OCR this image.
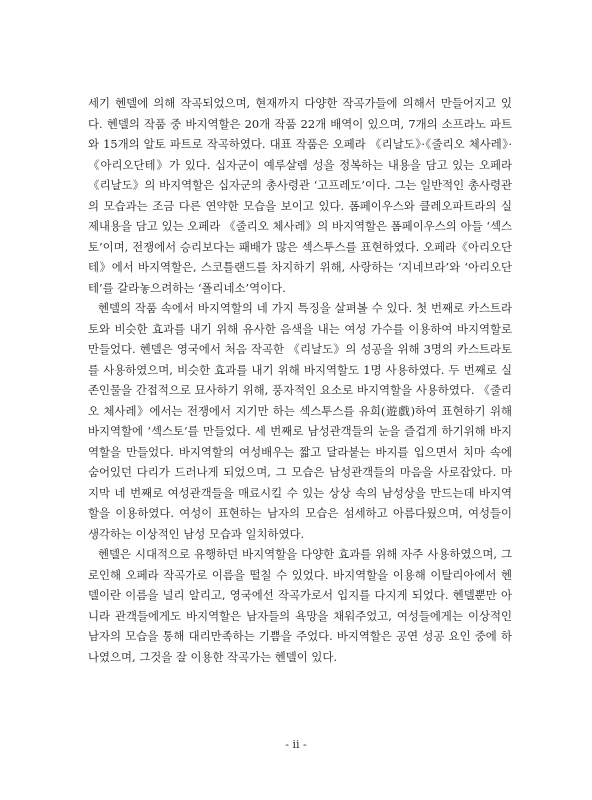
세기 헨델에 의해 작곡되었으며, 현재까지 다양한 작곡가들에 의해서 만들어지고 있다. 헨델의 작품 중 바지역할은 20개 작품 22개 배역이 있으며, 7개의 소프라노 파트와 15개의 알토 파트로 작곡하였다. 대표 작품은 오페라 《리날도》·《줄리오 체사레》·《아리오단테》가 있다. 십자군이 예루살렘 성을 정복하는 내용을 담고 있는 오페라《리날도》의 바지역할은 십자군의 총사령관 ‘고프레도’이다. 그는 일반적인 총사령관의 모습과는 조금 다른 연약한 모습을 보이고 있다. 폼페이우스와 클레오파트라의 실제내용을 담고 있는 오페라 《줄리오 체사레》의 바지역할은 폼페이우스의 아들 ‘섹스토’이며, 전쟁에서 승리보다는 패배가 많은 섹스투스를 표현하였다. 오페라《아리오단테》에서 바지역할은, 스코틀랜드를 차지하기 위해, 사랑하는 ‘지네브라’와 ‘아리오단테’를 갈라놓으려하는 ‘폴리네소’역이다.

헨델의 작품 속에서 바지역할의 네 가지 특징을 살펴볼 수 있다. 첫 번째로 카스트라토와 비슷한 효과를 내기 위해 유사한 음색을 내는 여성 가수를 이용하여 바지역할로 만들었다. 헨델은 영국에서 처음 작곡한 《리날도》의 성공을 위해 3명의 카스트라토를 사용하였으며, 비슷한 효과를 내기 위해 바지역할도 1명 사용하였다. 두 번째로 실존인물을 간접적으로 묘사하기 위해, 풍자적인 요소로 바지역할을 사용하였다. 《줄리오 체사레》에서는 전쟁에서 지기만 하는 섹스투스를 유희(遊戲)하여 표현하기 위해 바지역할에 ‘섹스토’를 만들었다. 세 번째로 남성관객들의 눈을 즐겁게 하기위해 바지역할을 만들었다. 바지역할의 여성배우는 짧고 달라붙는 바지를 입으면서 치마 속에 숨어있던 다리가 드러나게 되었으며, 그 모습은 남성관객들의 마음을 사로잡았다. 마지막 네 번째로 여성관객들을 매료시킬 수 있는 상상 속의 남성상을 만드는데 바지역할을 이용하였다. 여성이 표현하는 남자의 모습은 섬세하고 아름다웠으며, 여성들이 생각하는 이상적인 남성 모습과 일치하였다.

헨델은 시대적으로 유행하던 바지역할을 다양한 효과를 위해 자주 사용하였으며, 그로인해 오페라 작곡가로 이름을 떨칠 수 있었다. 바지역할을 이용해 이탈리아에서 헨델이란 이름을 널리 알리고, 영국에선 작곡가로서 입지를 다지게 되었다. 헨델뿐만 아니라 관객들에게도 바지역할은 남자들의 욕망을 채워주었고, 여성들에게는 이상적인 남자의 모습을 통해 대리만족하는 기쁨을 주었다. 바지역할은 공연 성공 요인 중에 하나였으며, 그것을 잘 이용한 작곡가는 헨델이 있다.

- ii -
